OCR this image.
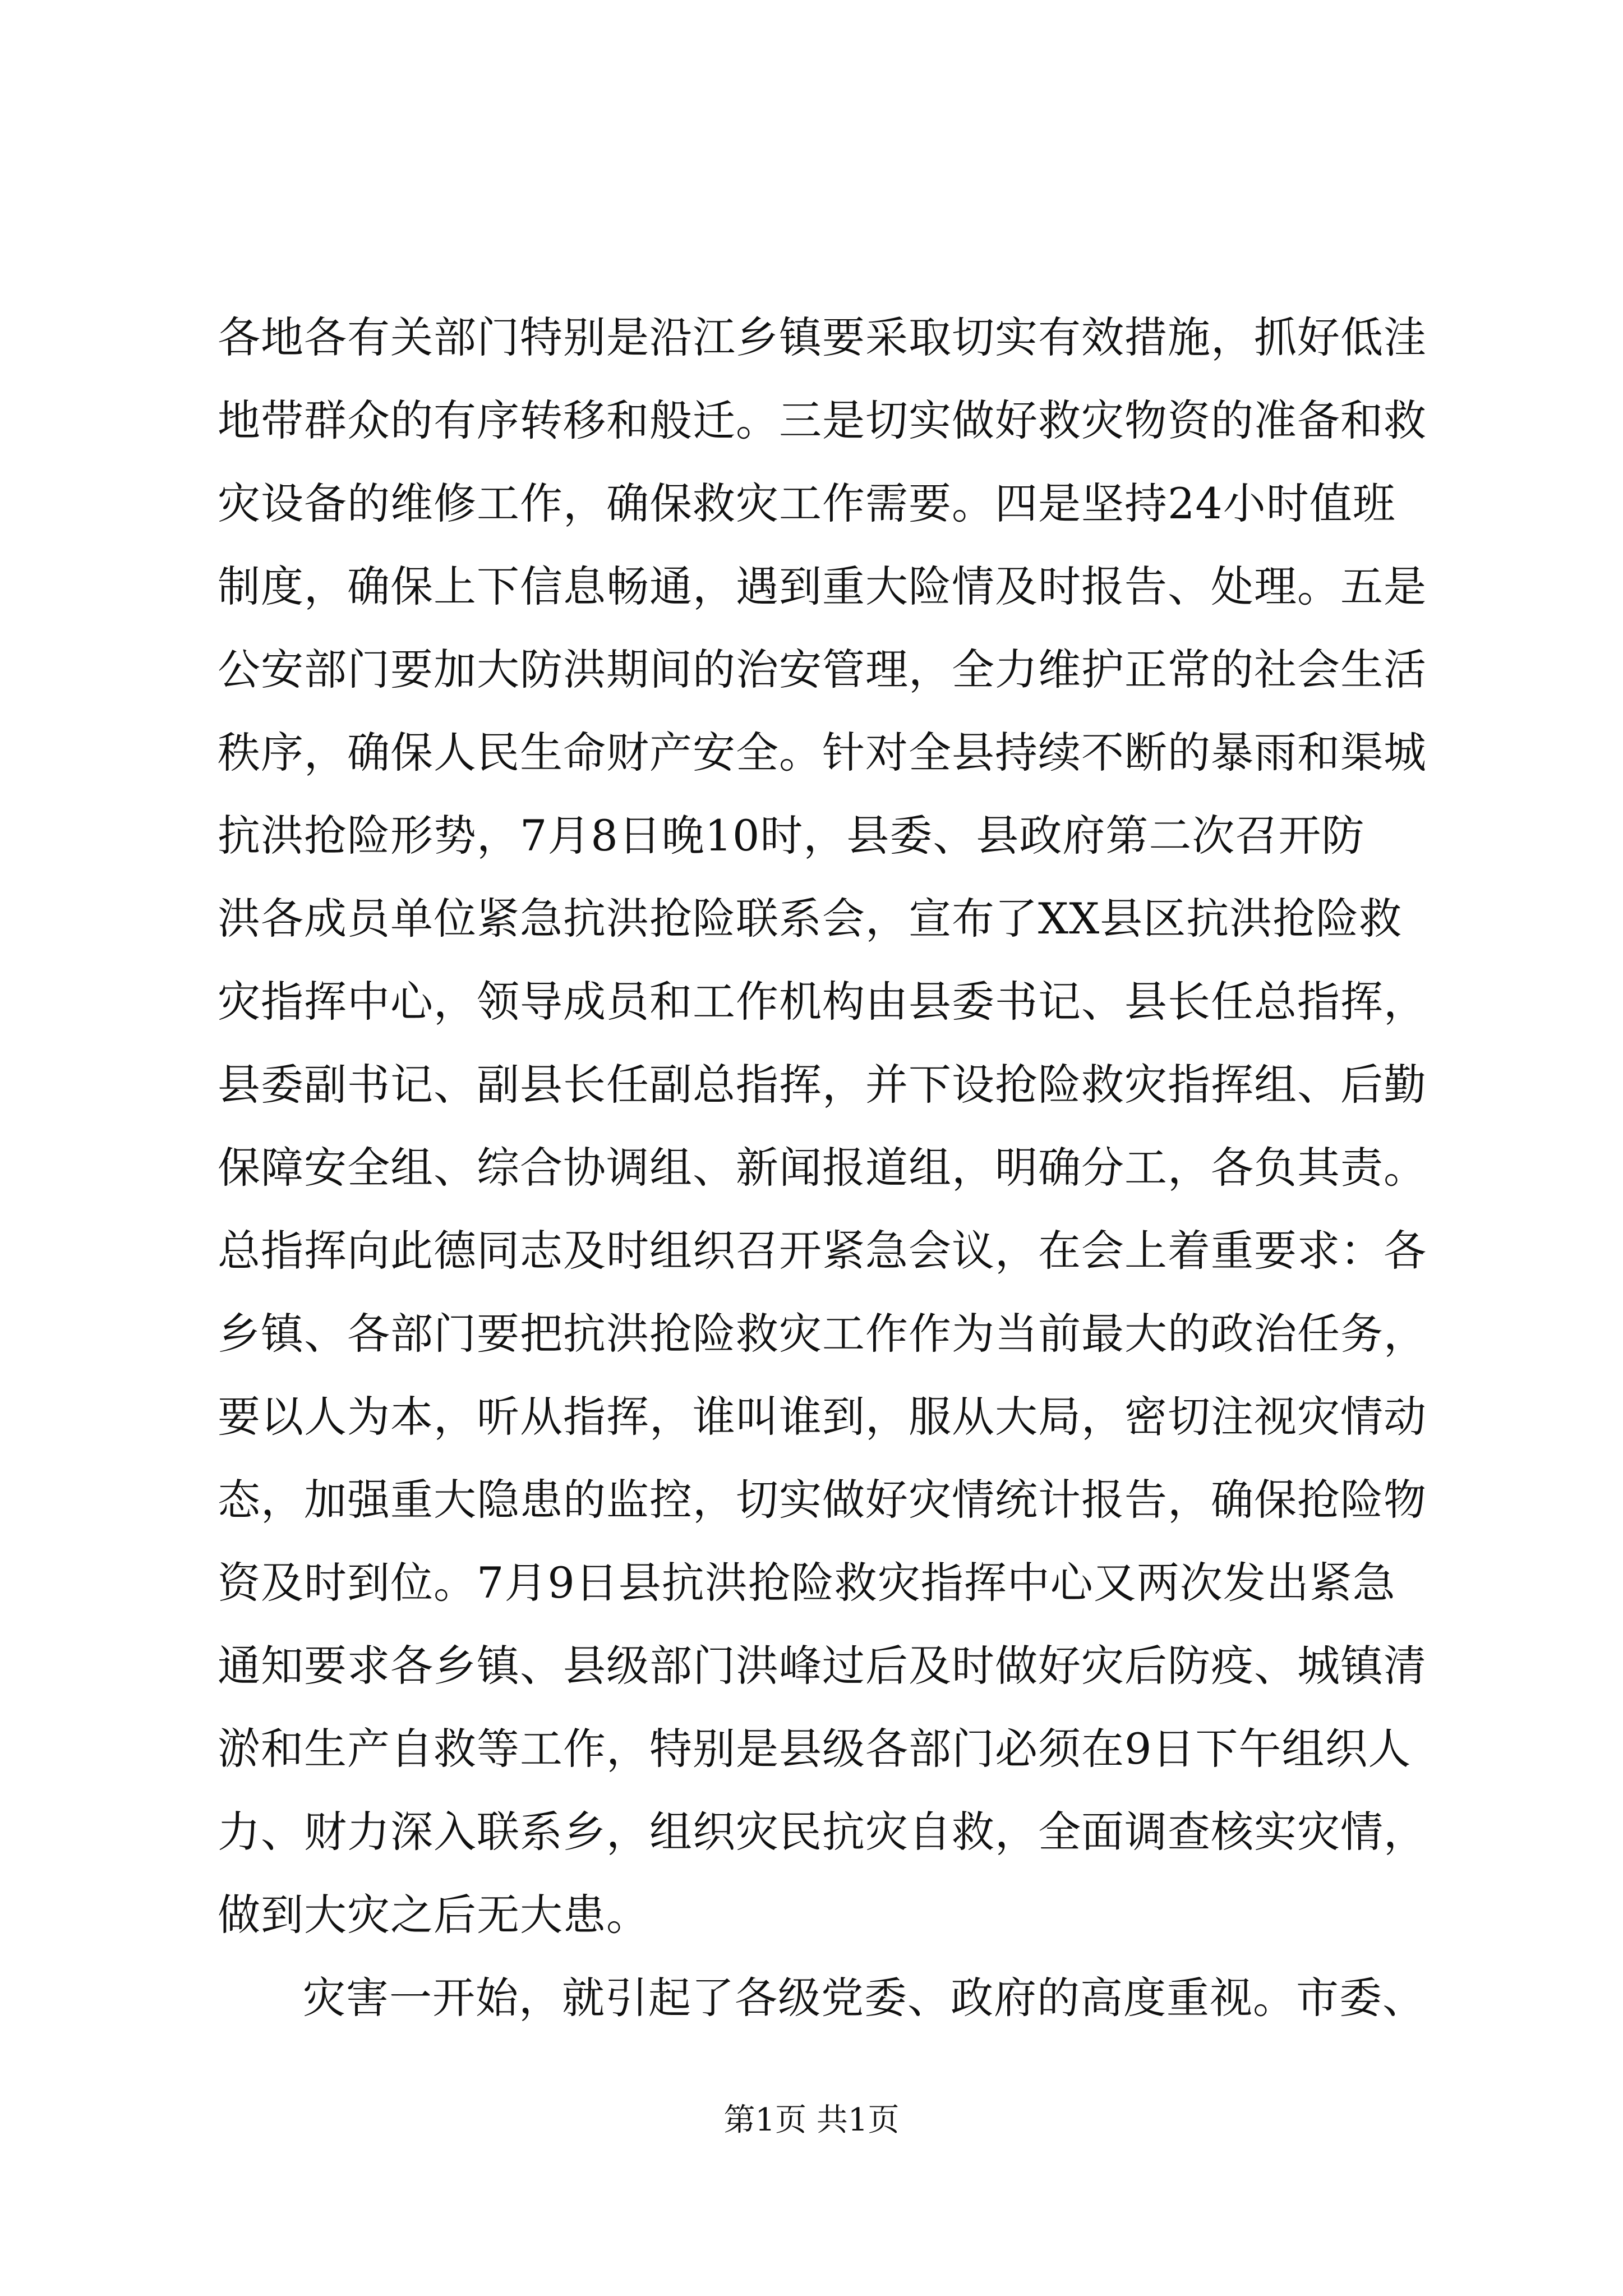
各地各有关部门特别是沿江乡镇要采取切实有效措施，抓好低洼
地带群众的有序转移和般迁。三是切实做好救灾物资的准备和救
灾设备的维修工作，确保救灾工作需要。四是坚持24小时值班
制度，确保上下信息畅通，遇到重大险情及时报告、处理。五是
公安部门要加大防洪期间的治安管理，全力维护正常的社会生活
秩序，确保人民生命财产安全。针对全县持续不断的暴雨和渠城
抗洪抢险形势，7月8日晚10时，县委、县政府第二次召开防
洪各成员单位紧急抗洪抢险联系会，宣布了XX县区抗洪抢险救
灾指挥中心，领导成员和工作机构由县委书记、县长任总指挥，
县委副书记、副县长任副总指挥，并下设抢险救灾指挥组、后勤
保障安全组、综合协调组、新闻报道组，明确分工，各负其责。
总指挥向此德同志及时组织召开紧急会议，在会上着重要求：各
乡镇、各部门要把抗洪抢险救灾工作作为当前最大的政治任务，
要以人为本，听从指挥，谁叫谁到，服从大局，密切注视灾情动
态，加强重大隐患的监控，切实做好灾情统计报告，确保抢险物
资及时到位。7月9日县抗洪抢险救灾指挥中心又两次发出紧急
通知要求各乡镇、县级部门洪峰过后及时做好灾后防疫、城镇清
淤和生产自救等工作，特别是县级各部门必须在9日下午组织人
力、财力深入联系乡，组织灾民抗灾自救，全面调查核实灾情，
做到大灾之后无大患。
灾害一开始，就引起了各级党委、政府的高度重视。市委、
第1页 共1页
